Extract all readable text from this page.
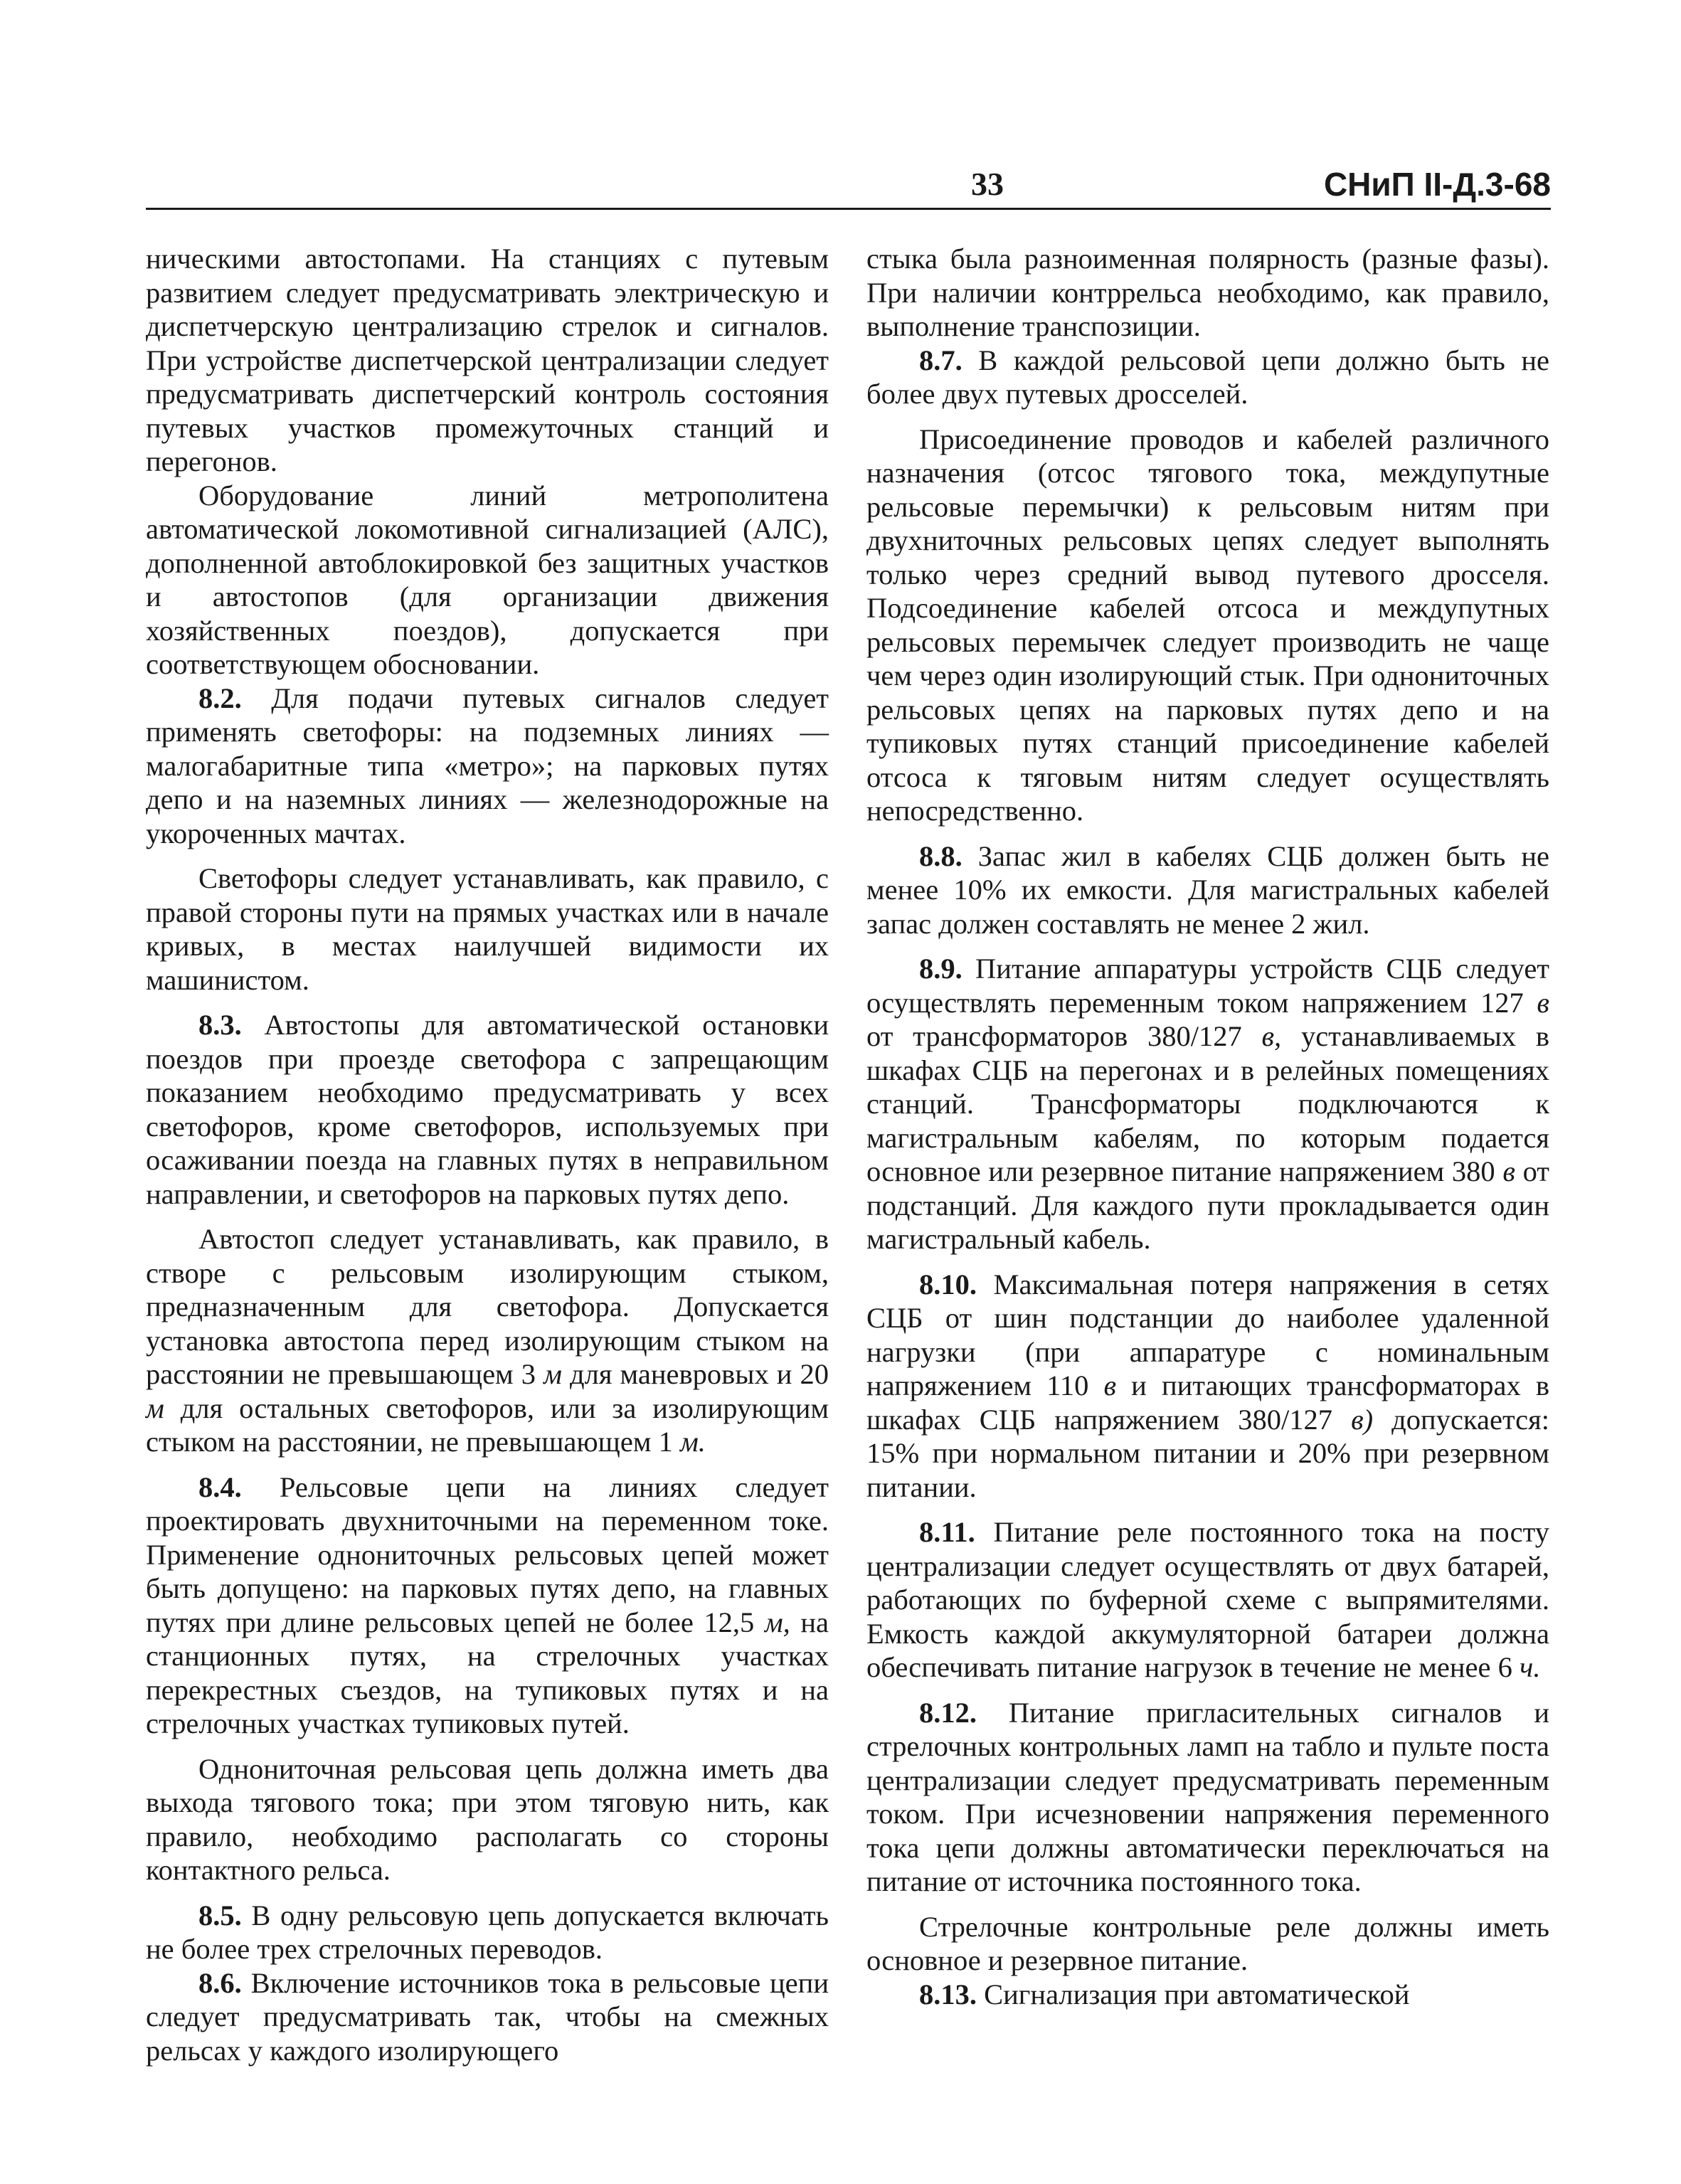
33	СНиП II-Д.3-68

ническими автостопами. На станциях с путевым развитием следует предусматривать электрическую и диспетчерскую централизацию стрелок и сигналов. При устройстве диспетчерской централизации следует предусматривать диспетчерский контроль состояния путевых участков промежуточных станций и перегонов.

Оборудование линий метрополитена автоматической локомотивной сигнализацией (АЛС), дополненной автоблокировкой без защитных участков и автостопов (для организации движения хозяйственных поездов), допускается при соответствующем обосновании.

8.2. Для подачи путевых сигналов следует применять светофоры: на подземных линиях — малогабаритные типа «метро»; на парковых путях депо и на наземных линиях — железнодорожные на укороченных мачтах.

Светофоры следует устанавливать, как правило, с правой стороны пути на прямых участках или в начале кривых, в местах наилучшей видимости их машинистом.

8.3. Автостопы для автоматической остановки поездов при проезде светофора с запрещающим показанием необходимо предусматривать у всех светофоров, кроме светофоров, используемых при осаживании поезда на главных путях в неправильном направлении, и светофоров на парковых путях депо.

Автостоп следует устанавливать, как правило, в створе с рельсовым изолирующим стыком, предназначенным для светофора. Допускается установка автостопа перед изолирующим стыком на расстоянии не превышающем 3 м для маневровых и 20 м для остальных светофоров, или за изолирующим стыком на расстоянии, не превышающем 1 м.

8.4. Рельсовые цепи на линиях следует проектировать двухниточными на переменном токе. Применение однониточных рельсовых цепей может быть допущено: на парковых путях депо, на главных путях при длине рельсовых цепей не более 12,5 м, на станционных путях, на стрелочных участках перекрестных съездов, на тупиковых путях и на стрелочных участках тупиковых путей.

Однониточная рельсовая цепь должна иметь два выхода тягового тока; при этом тяговую нить, как правило, необходимо располагать со стороны контактного рельса.

8.5. В одну рельсовую цепь допускается включать не более трех стрелочных переводов.

8.6. Включение источников тока в рельсовые цепи следует предусматривать так, чтобы на смежных рельсах у каждого изолирующего

стыка была разноименная полярность (разные фазы). При наличии контррельса необходимо, как правило, выполнение транспозиции.

8.7. В каждой рельсовой цепи должно быть не более двух путевых дросселей.

Присоединение проводов и кабелей различного назначения (отсос тягового тока, междупутные рельсовые перемычки) к рельсовым нитям при двухниточных рельсовых цепях следует выполнять только через средний вывод путевого дросселя. Подсоединение кабелей отсоса и междупутных рельсовых перемычек следует производить не чаще чем через один изолирующий стык. При однониточных рельсовых цепях на парковых путях депо и на тупиковых путях станций присоединение кабелей отсоса к тяговым нитям следует осуществлять непосредственно.

8.8. Запас жил в кабелях СЦБ должен быть не менее 10% их емкости. Для магистральных кабелей запас должен составлять не менее 2 жил.

8.9. Питание аппаратуры устройств СЦБ следует осуществлять переменным током напряжением 127 в от трансформаторов 380/127 в, устанавливаемых в шкафах СЦБ на перегонах и в релейных помещениях станций. Трансформаторы подключаются к магистральным кабелям, по которым подается основное или резервное питание напряжением 380 в от подстанций. Для каждого пути прокладывается один магистральный кабель.

8.10. Максимальная потеря напряжения в сетях СЦБ от шин подстанции до наиболее удаленной нагрузки (при аппаратуре с номинальным напряжением 110 в и питающих трансформаторах в шкафах СЦБ напряжением 380/127 в) допускается: 15% при нормальном питании и 20% при резервном питании.

8.11. Питание реле постоянного тока на посту централизации следует осуществлять от двух батарей, работающих по буферной схеме с выпрямителями. Емкость каждой аккумуляторной батареи должна обеспечивать питание нагрузок в течение не менее 6 ч.

8.12. Питание пригласительных сигналов и стрелочных контрольных ламп на табло и пульте поста централизации следует предусматривать переменным током. При исчезновении напряжения переменного тока цепи должны автоматически переключаться на питание от источника постоянного тока.

Стрелочные контрольные реле должны иметь основное и резервное питание.

8.13. Сигнализация при автоматической
